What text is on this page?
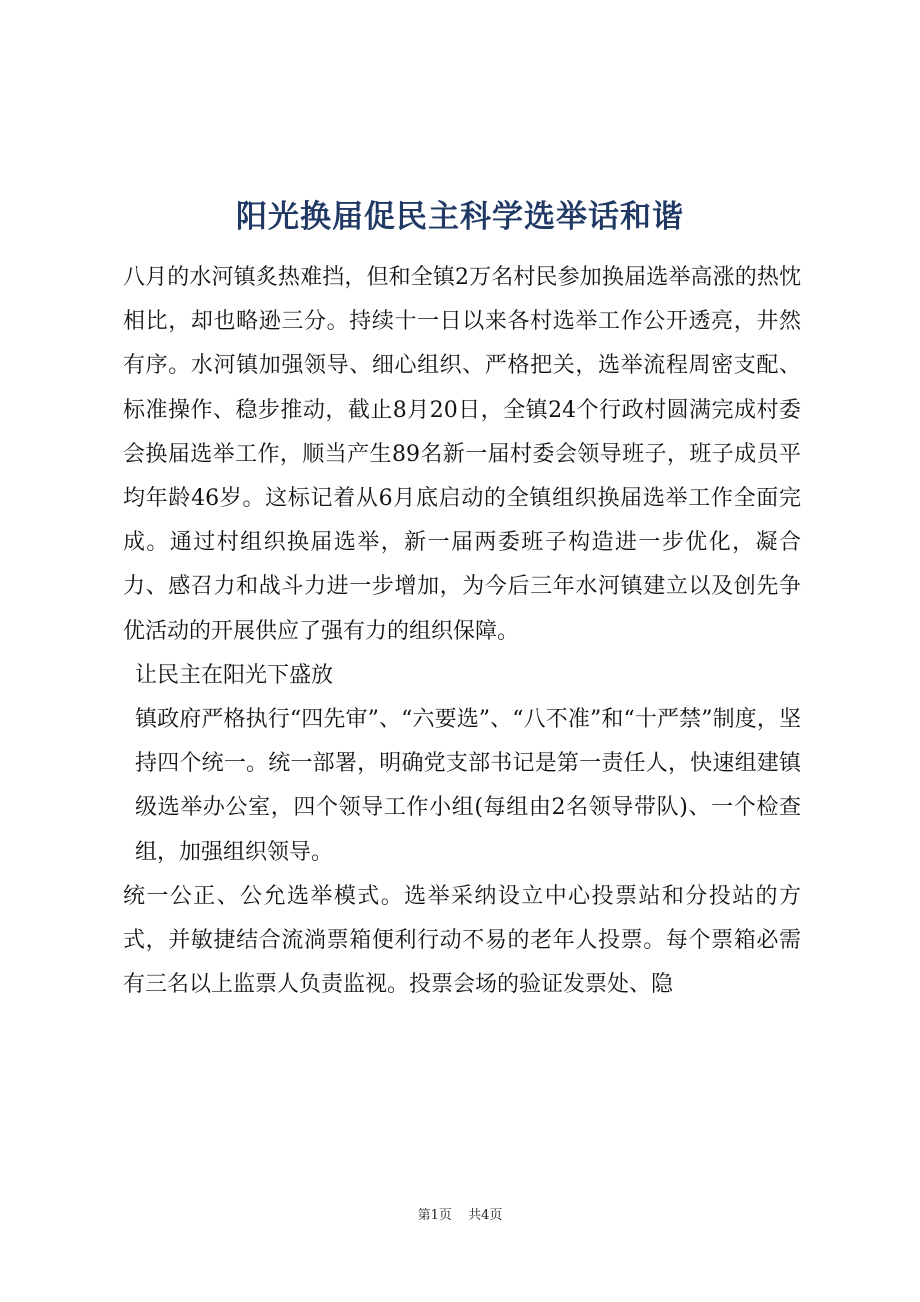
阳光换届促民主科学选举话和谐

八月的水河镇炙热难挡，但和全镇2万名村民参加换届选举高涨的热忱相比，却也略逊三分。持续十一日以来各村选举工作公开透亮，井然有序。水河镇加强领导、细心组织、严格把关，选举流程周密支配、标准操作、稳步推动，截止8月20日，全镇24个行政村圆满完成村委会换届选举工作，顺当产生89名新一届村委会领导班子，班子成员平均年龄46岁。这标记着从6月底启动的全镇组织换届选举工作全面完成。通过村组织换届选举，新一届两委班子构造进一步优化，凝合力、感召力和战斗力进一步增加，为今后三年水河镇建立以及创先争优活动的开展供应了强有力的组织保障。

让民主在阳光下盛放

镇政府严格执行“四先审”、“六要选”、“八不准”和“十严禁”制度，坚持四个统一。统一部署，明确党支部书记是第一责任人，快速组建镇级选举办公室，四个领导工作小组(每组由2名领导带队)、一个检查组，加强组织领导。

统一公正、公允选举模式。选举采纳设立中心投票站和分投站的方式，并敏捷结合流淌票箱便利行动不易的老年人投票。每个票箱必需有三名以上监票人负责监视。投票会场的验证发票处、隐

第1页 共4页
